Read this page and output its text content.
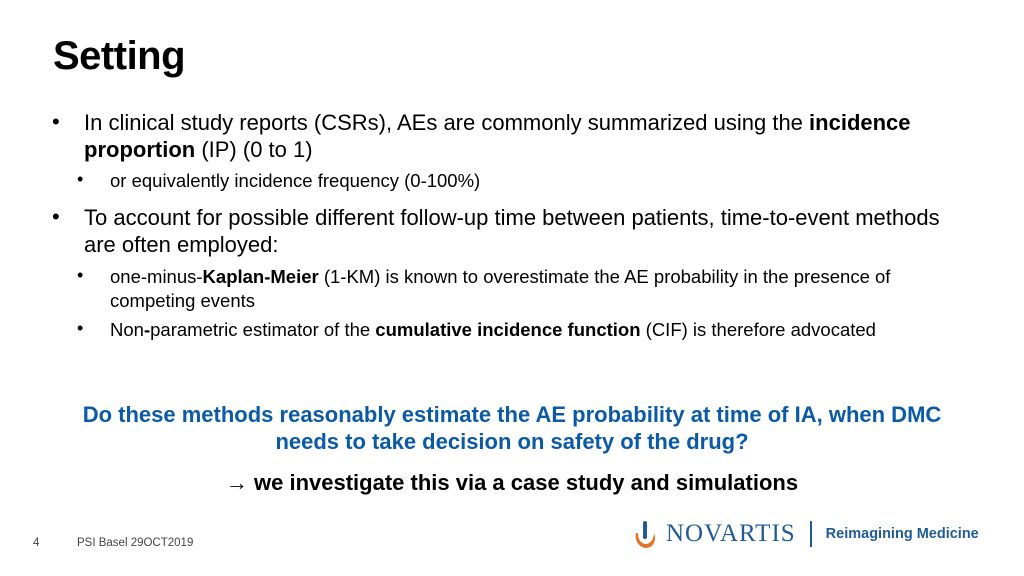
Setting
• In clinical study reports (CSRs), AEs are commonly summarized using the incidence proportion (IP) (0 to 1)
• or equivalently incidence frequency (0-100%)
• To account for possible different follow-up time between patients, time-to-event methods are often employed:
• one-minus-Kaplan-Meier (1-KM) is known to overestimate the AE probability in the presence of competing events
• Non-parametric estimator of the cumulative incidence function (CIF) is therefore advocated
Do these methods reasonably estimate the AE probability at time of IA, when DMC needs to take decision on safety of the drug?
→ we investigate this via a case study and simulations
4	PSI Basel 29OCT2019	NOVARTIS Reimagining Medicine
